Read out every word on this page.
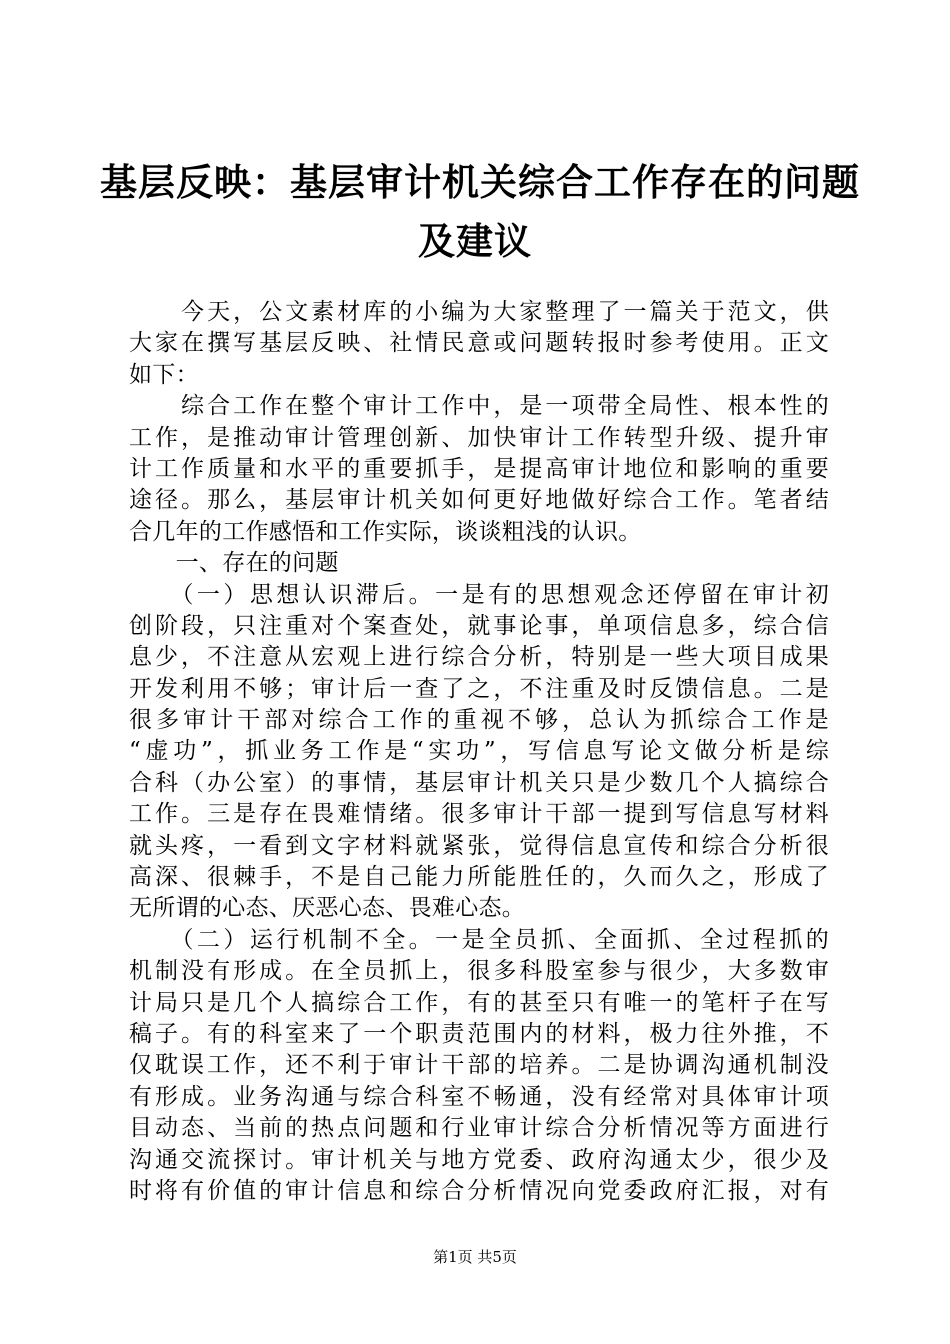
基层反映：基层审计机关综合工作存在的问题
及建议
　　今天，公文素材库的小编为大家整理了一篇关于范文，供
大家在撰写基层反映、社情民意或问题转报时参考使用。正文
如下：
　　综合工作在整个审计工作中，是一项带全局性、根本性的
工作，是推动审计管理创新、加快审计工作转型升级、提升审
计工作质量和水平的重要抓手，是提高审计地位和影响的重要
途径。那么，基层审计机关如何更好地做好综合工作。笔者结
合几年的工作感悟和工作实际，谈谈粗浅的认识。
　　一、存在的问题
　　（一）思想认识滞后。一是有的思想观念还停留在审计初
创阶段，只注重对个案查处，就事论事，单项信息多，综合信
息少，不注意从宏观上进行综合分析，特别是一些大项目成果
开发利用不够；审计后一查了之，不注重及时反馈信息。二是
很多审计干部对综合工作的重视不够，总认为抓综合工作是
“虚功”，抓业务工作是“实功”，写信息写论文做分析是综
合科（办公室）的事情，基层审计机关只是少数几个人搞综合
工作。三是存在畏难情绪。很多审计干部一提到写信息写材料
就头疼，一看到文字材料就紧张，觉得信息宣传和综合分析很
高深、很棘手，不是自己能力所能胜任的，久而久之，形成了
无所谓的心态、厌恶心态、畏难心态。
　　（二）运行机制不全。一是全员抓、全面抓、全过程抓的
机制没有形成。在全员抓上，很多科股室参与很少，大多数审
计局只是几个人搞综合工作，有的甚至只有唯一的笔杆子在写
稿子。有的科室来了一个职责范围内的材料，极力往外推，不
仅耽误工作，还不利于审计干部的培养。二是协调沟通机制没
有形成。业务沟通与综合科室不畅通，没有经常对具体审计项
目动态、当前的热点问题和行业审计综合分析情况等方面进行
沟通交流探讨。审计机关与地方党委、政府沟通太少，很少及
时将有价值的审计信息和综合分析情况向党委政府汇报，对有
第1页 共5页
